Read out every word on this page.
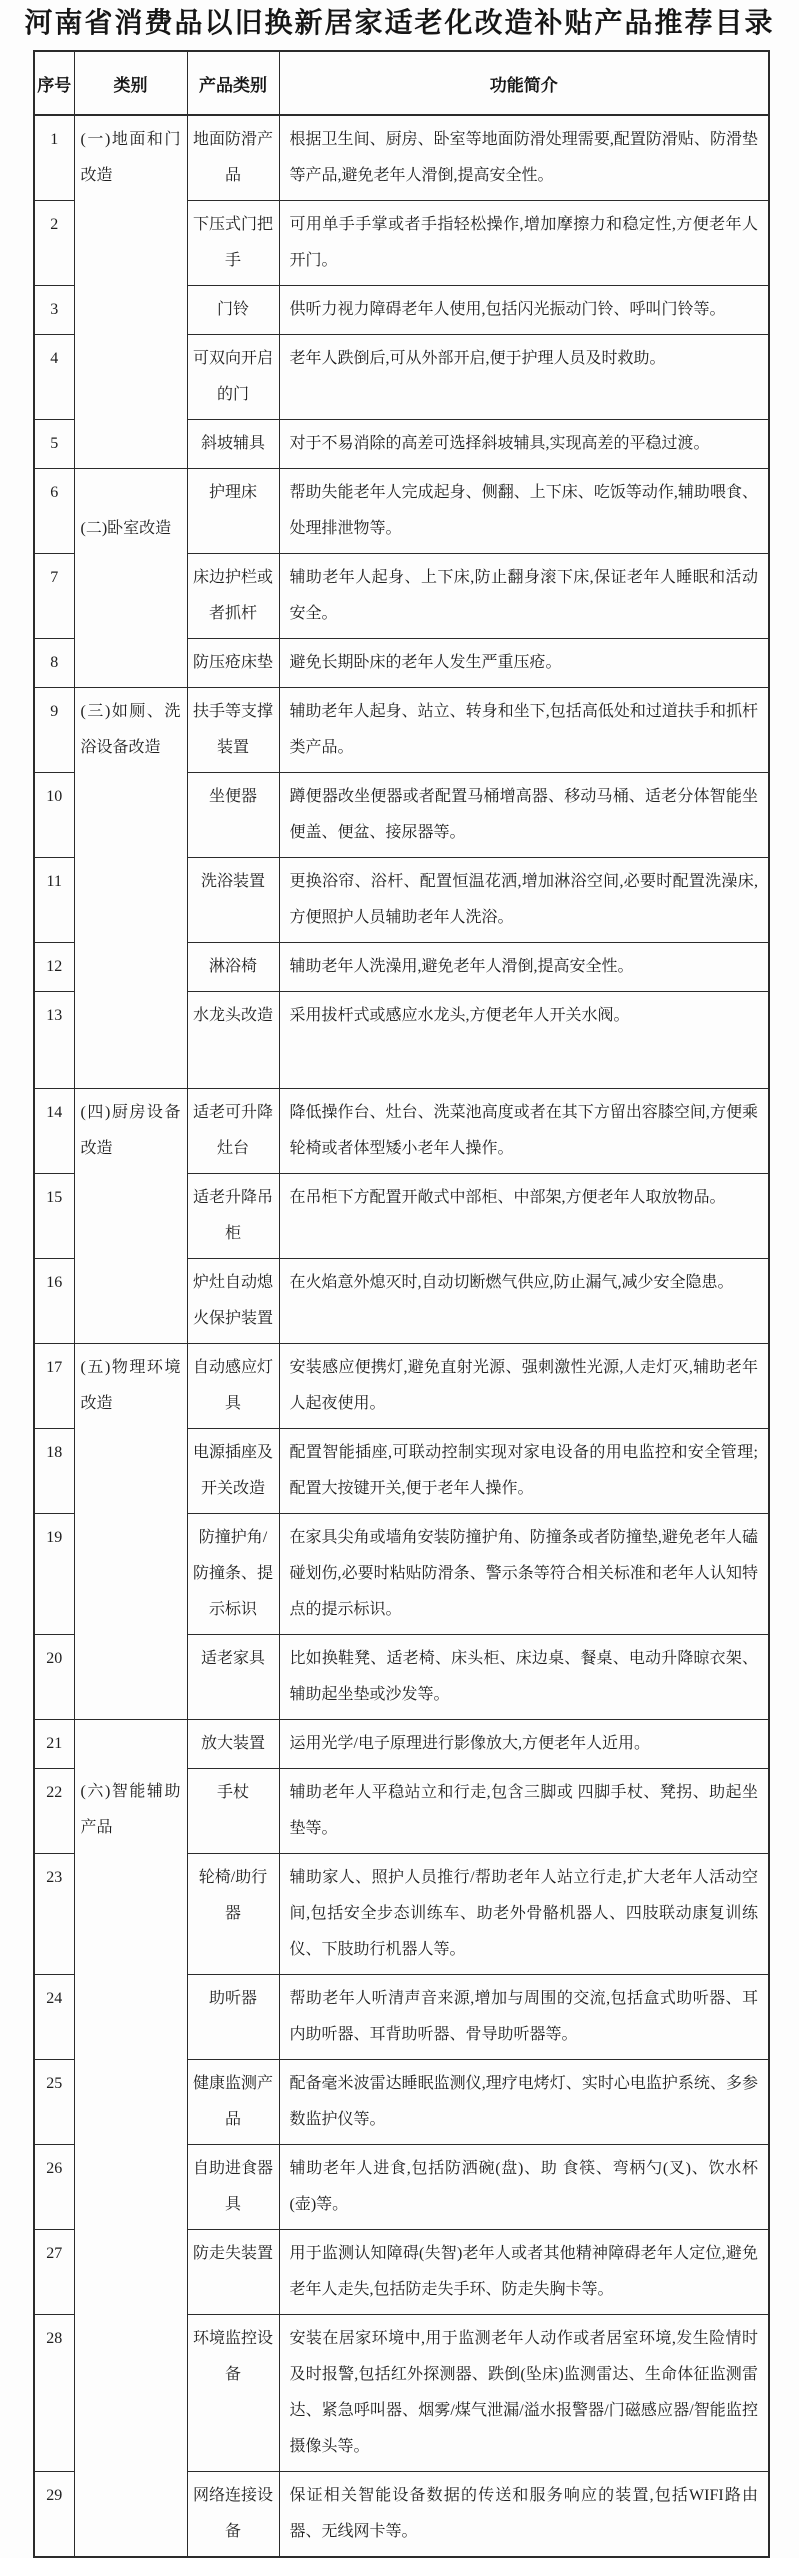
河南省消费品以旧换新居家适老化改造补贴产品推荐目录
序号	类别	产品类别	功能简介
1	(一)地面和门改造	地面防滑产品	根据卫生间、厨房、卧室等地面防滑处理需要,配置防滑贴、防滑垫等产品,避免老年人滑倒,提高安全性。
2		下压式门把手	可用单手手掌或者手指轻松操作,增加摩擦力和稳定性,方便老年人开门。
3		门铃	供听力视力障碍老年人使用,包括闪光振动门铃、呼叫门铃等。
4		可双向开启的门	老年人跌倒后,可从外部开启,便于护理人员及时救助。
5		斜坡辅具	对于不易消除的高差可选择斜坡辅具,实现高差的平稳过渡。
6	(二)卧室改造	护理床	帮助失能老年人完成起身、侧翻、上下床、吃饭等动作,辅助喂食、处理排泄物等。
7		床边护栏或者抓杆	辅助老年人起身、上下床,防止翻身滚下床,保证老年人睡眠和活动安全。
8		防压疮床垫	避免长期卧床的老年人发生严重压疮。
9	(三)如厕、洗浴设备改造	扶手等支撑装置	辅助老年人起身、站立、转身和坐下,包括高低处和过道扶手和抓杆类产品。
10		坐便器	蹲便器改坐便器或者配置马桶增高器、移动马桶、适老分体智能坐便盖、便盆、接尿器等。
11		洗浴装置	更换浴帘、浴杆、配置恒温花洒,增加淋浴空间,必要时配置洗澡床,方便照护人员辅助老年人洗浴。
12		淋浴椅	辅助老年人洗澡用,避免老年人滑倒,提高安全性。
13		水龙头改造	采用拔杆式或感应水龙头,方便老年人开关水阀。
14	(四)厨房设备改造	适老可升降灶台	降低操作台、灶台、洗菜池高度或者在其下方留出容膝空间,方便乘轮椅或者体型矮小老年人操作。
15		适老升降吊柜	在吊柜下方配置开敞式中部柜、中部架,方便老年人取放物品。
16		炉灶自动熄火保护装置	在火焰意外熄灭时,自动切断燃气供应,防止漏气,减少安全隐患。
17	(五)物理环境改造	自动感应灯具	安装感应便携灯,避免直射光源、强刺激性光源,人走灯灭,辅助老年人起夜使用。
18		电源插座及开关改造	配置智能插座,可联动控制实现对家电设备的用电监控和安全管理;配置大按键开关,便于老年人操作。
19		防撞护角/防撞条、提示标识	在家具尖角或墙角安装防撞护角、防撞条或者防撞垫,避免老年人磕碰划伤,必要时粘贴防滑条、警示条等符合相关标准和老年人认知特点的提示标识。
20		适老家具	比如换鞋凳、适老椅、床头柜、床边桌、餐桌、电动升降晾衣架、辅助起坐垫或沙发等。
21	(六)智能辅助产品	放大装置	运用光学/电子原理进行影像放大,方便老年人近用。
22		手杖	辅助老年人平稳站立和行走,包含三脚或 四脚手杖、凳拐、助起坐垫等。
23		轮椅/助行器	辅助家人、照护人员推行/帮助老年人站立行走,扩大老年人活动空间,包括安全步态训练车、助老外骨骼机器人、四肢联动康复训练仪、下肢助行机器人等。
24		助听器	帮助老年人听清声音来源,增加与周围的交流,包括盒式助听器、耳内助听器、耳背助听器、骨导助听器等。
25		健康监测产品	配备毫米波雷达睡眠监测仪,理疗电烤灯、实时心电监护系统、多参数监护仪等。
26		自助进食器具	辅助老年人进食,包括防洒碗(盘)、助 食筷、弯柄勺(叉)、饮水杯(壶)等。
27		防走失装置	用于监测认知障碍(失智)老年人或者其他精神障碍老年人定位,避免老年人走失,包括防走失手环、防走失胸卡等。
28		环境监控设备	安装在居家环境中,用于监测老年人动作或者居室环境,发生险情时及时报警,包括红外探测器、跌倒(坠床)监测雷达、生命体征监测雷达、紧急呼叫器、烟雾/煤气泄漏/溢水报警器/门磁感应器/智能监控摄像头等。
29		网络连接设备	保证相关智能设备数据的传送和服务响应的装置,包括WIFI路由器、无线网卡等。
